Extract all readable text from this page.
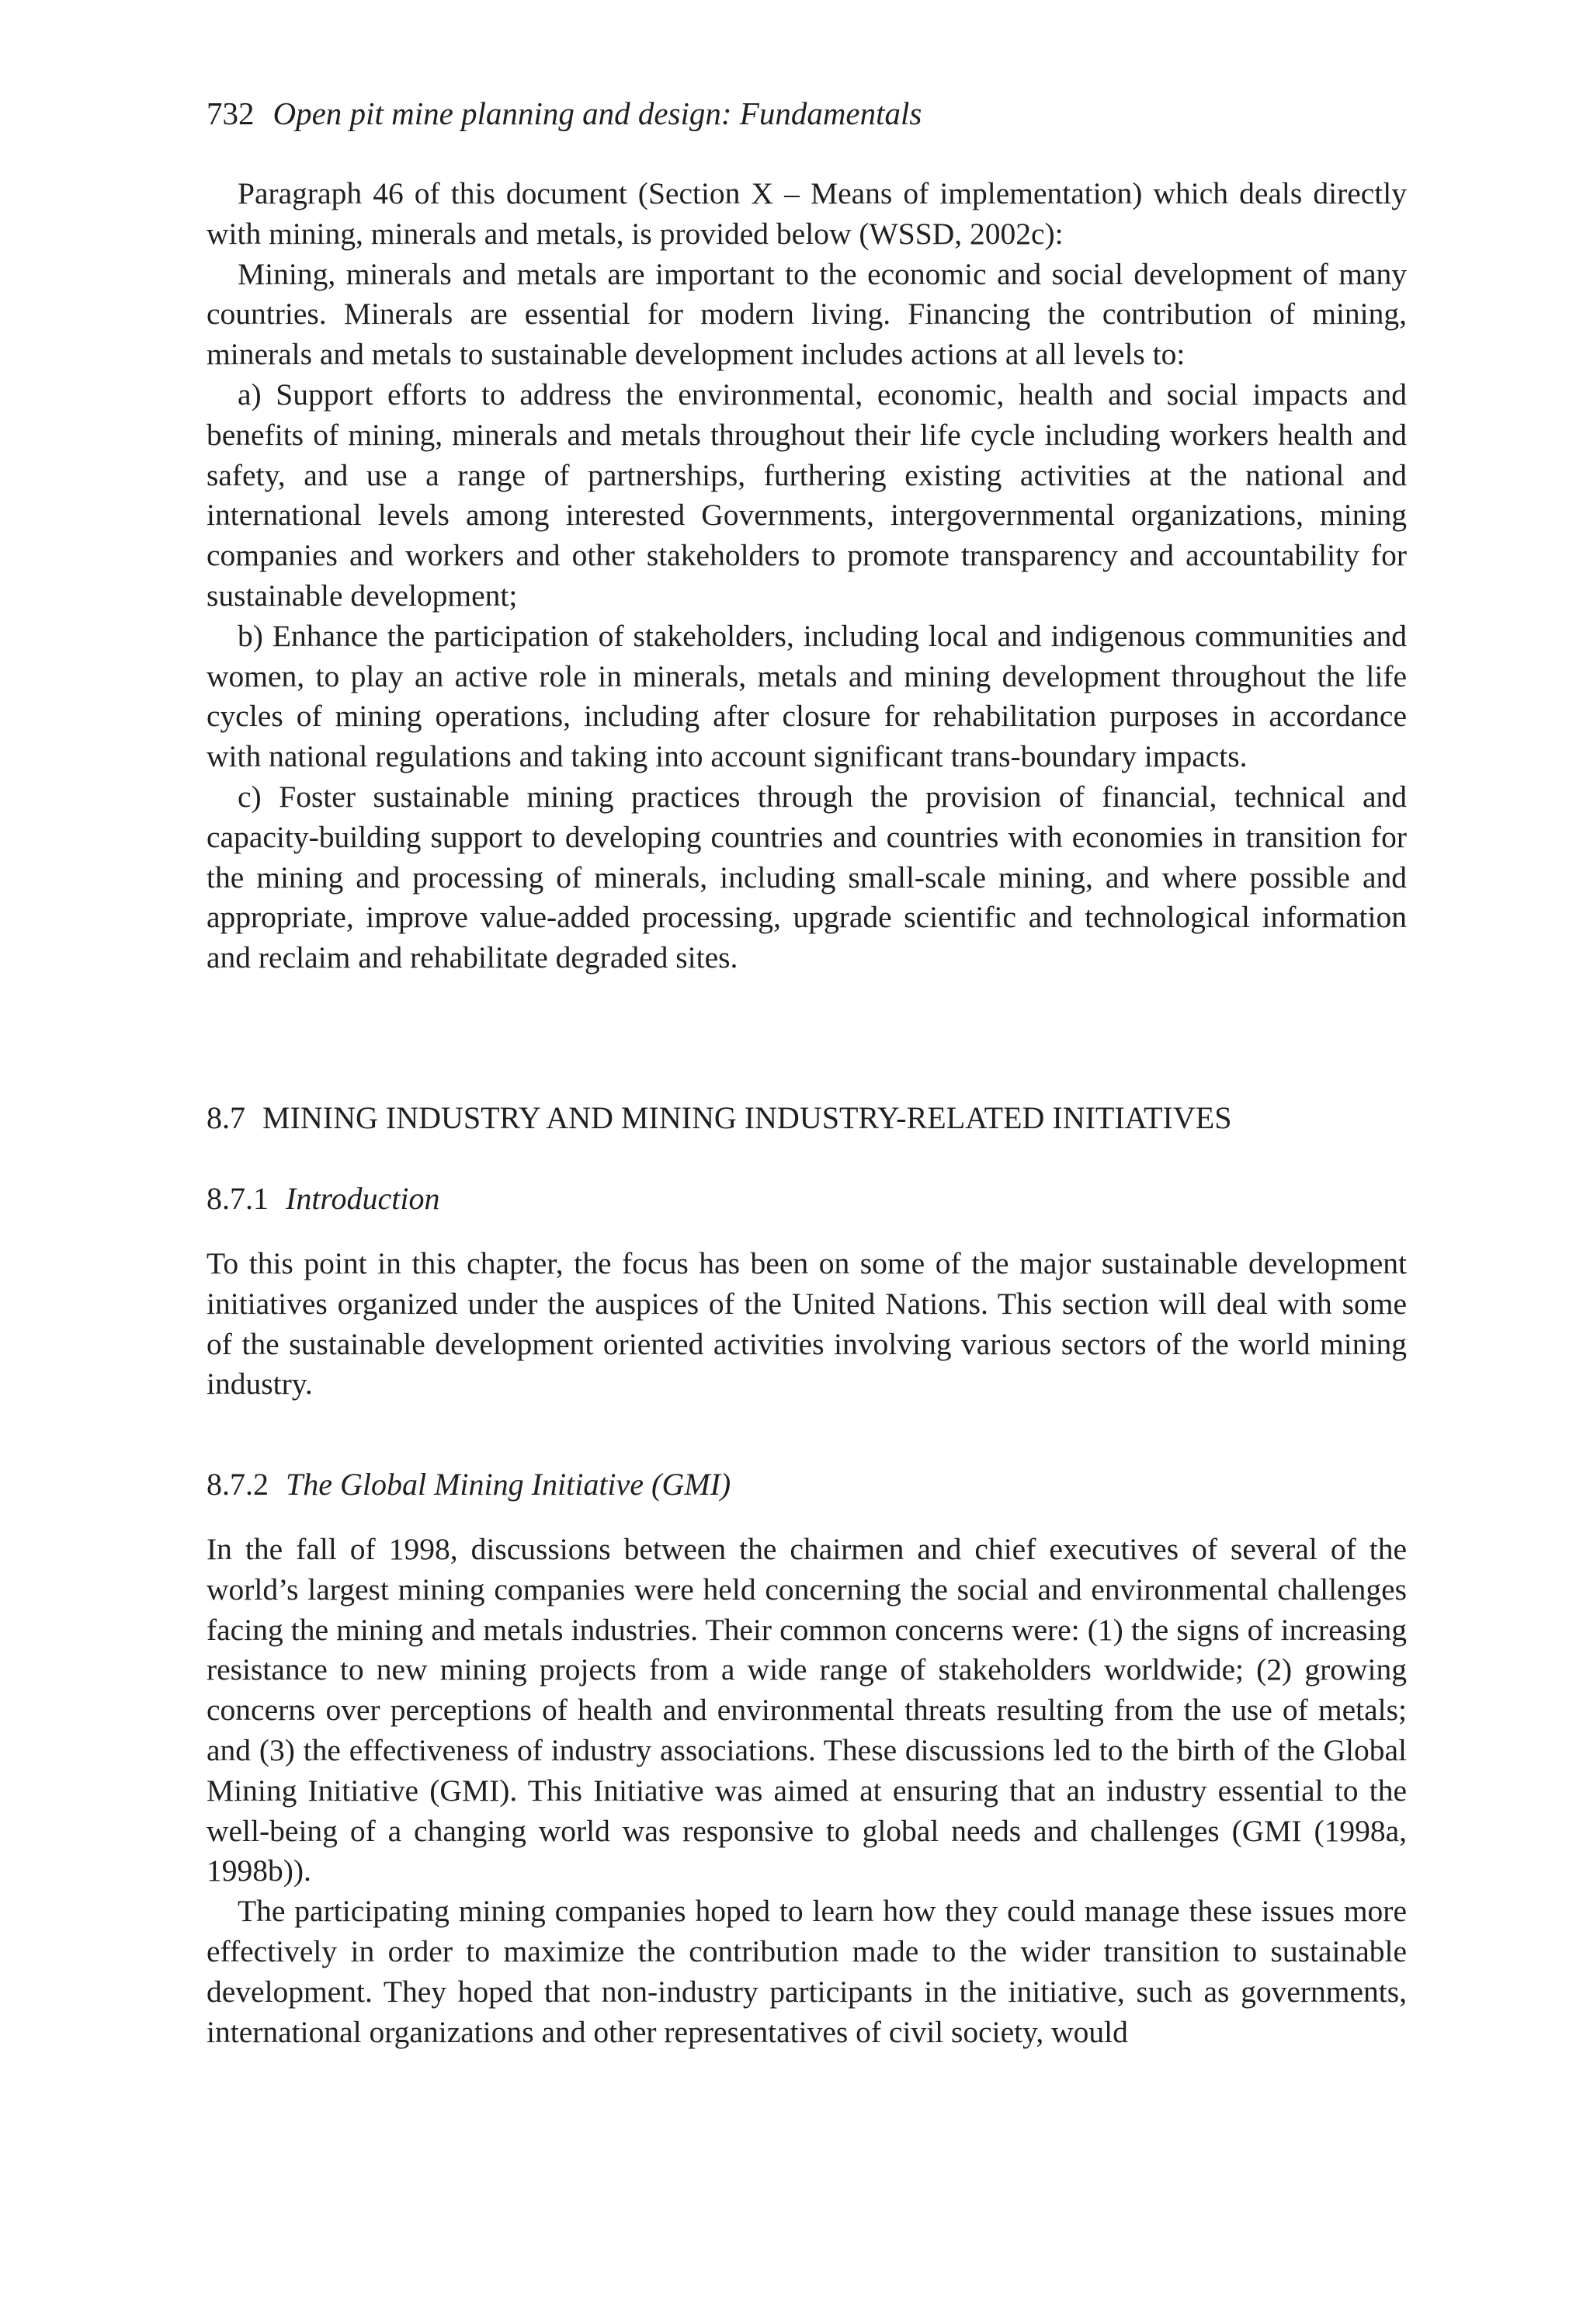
732 Open pit mine planning and design: Fundamentals

Paragraph 46 of this document (Section X – Means of implementation) which deals directly with mining, minerals and metals, is provided below (WSSD, 2002c):

Mining, minerals and metals are important to the economic and social development of many countries. Minerals are essential for modern living. Financing the contribution of mining, minerals and metals to sustainable development includes actions at all levels to:

a) Support efforts to address the environmental, economic, health and social impacts and benefits of mining, minerals and metals throughout their life cycle including workers health and safety, and use a range of partnerships, furthering existing activities at the national and international levels among interested Governments, intergovernmental organizations, mining companies and workers and other stakeholders to promote transparency and accountability for sustainable development;

b) Enhance the participation of stakeholders, including local and indigenous communities and women, to play an active role in minerals, metals and mining development throughout the life cycles of mining operations, including after closure for rehabilitation purposes in accordance with national regulations and taking into account significant trans-boundary impacts.

c) Foster sustainable mining practices through the provision of financial, technical and capacity-building support to developing countries and countries with economies in transition for the mining and processing of minerals, including small-scale mining, and where possible and appropriate, improve value-added processing, upgrade scientific and technological information and reclaim and rehabilitate degraded sites.

8.7 MINING INDUSTRY AND MINING INDUSTRY-RELATED INITIATIVES
8.7.1 Introduction

To this point in this chapter, the focus has been on some of the major sustainable development initiatives organized under the auspices of the United Nations. This section will deal with some of the sustainable development oriented activities involving various sectors of the world mining industry.

8.7.2 The Global Mining Initiative (GMI)

In the fall of 1998, discussions between the chairmen and chief executives of several of the world’s largest mining companies were held concerning the social and environmental challenges facing the mining and metals industries. Their common concerns were: (1) the signs of increasing resistance to new mining projects from a wide range of stakeholders worldwide; (2) growing concerns over perceptions of health and environmental threats resulting from the use of metals; and (3) the effectiveness of industry associations. These discussions led to the birth of the Global Mining Initiative (GMI). This Initiative was aimed at ensuring that an industry essential to the well-being of a changing world was responsive to global needs and challenges (GMI (1998a, 1998b)).

The participating mining companies hoped to learn how they could manage these issues more effectively in order to maximize the contribution made to the wider transition to sustainable development. They hoped that non-industry participants in the initiative, such as governments, international organizations and other representatives of civil society, would
